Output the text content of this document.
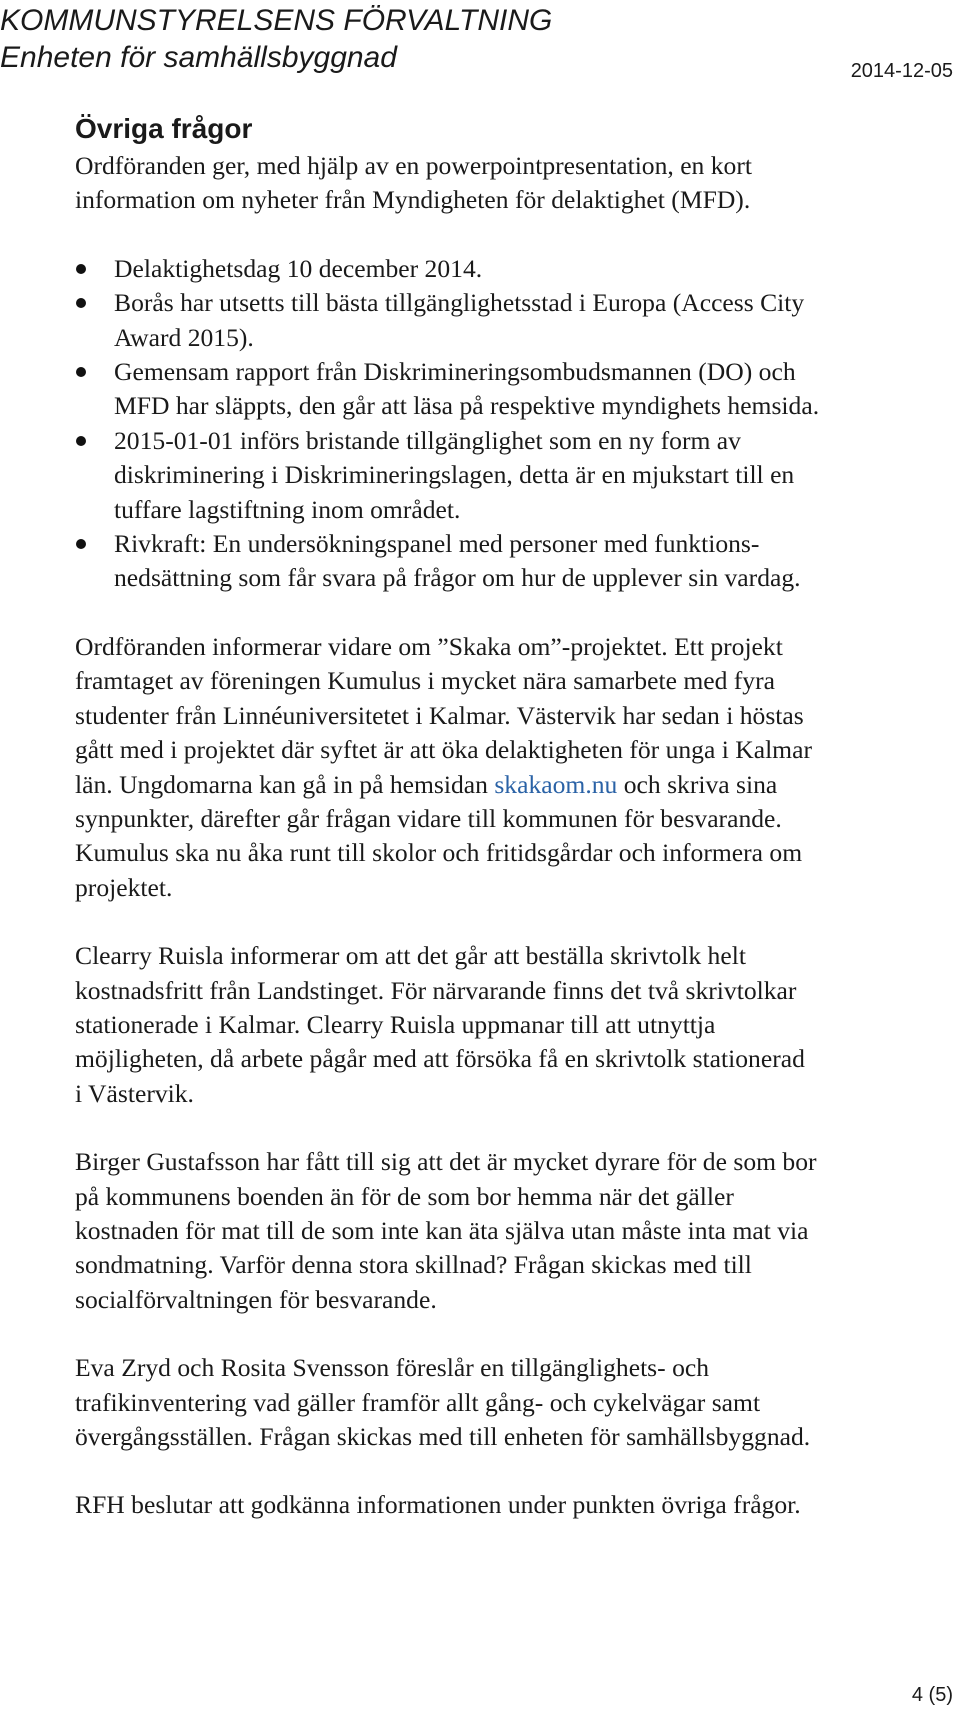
KOMMUNSTYRELSENS FÖRVALTNING
Enheten för samhällsbyggnad	2014-12-05
Övriga frågor

Ordföranden ger, med hjälp av en powerpointpresentation, en kort

information om nyheter från Myndigheten för delaktighet (MFD).

Delaktighetsdag 10 december 2014.
Borås har utsetts till bästa tillgänglighetsstad i Europa (Access City
Award 2015).
Gemensam rapport från Diskrimineringsombudsmannen (DO) och
MFD har släppts, den går att läsa på respektive myndighets hemsida.
2015-01-01 införs bristande tillgänglighet som en ny form av
diskriminering i Diskrimineringslagen, detta är en mjukstart till en
tuffare lagstiftning inom området.
Rivkraft: En undersökningspanel med personer med funktions-
nedsättning som får svara på frågor om hur de upplever sin vardag.

Ordföranden informerar vidare om ”Skaka om”-projektet. Ett projekt

framtaget av föreningen Kumulus i mycket nära samarbete med fyra

studenter från Linnéuniversitetet i Kalmar. Västervik har sedan i höstas

gått med i projektet där syftet är att öka delaktigheten för unga i Kalmar

län. Ungdomarna kan gå in på hemsidan skakaom.nu och skriva sina

synpunkter, därefter går frågan vidare till kommunen för besvarande.

Kumulus ska nu åka runt till skolor och fritidsgårdar och informera om

projektet.

Clearry Ruisla informerar om att det går att beställa skrivtolk helt

kostnadsfritt från Landstinget. För närvarande finns det två skrivtolkar

stationerade i Kalmar. Clearry Ruisla uppmanar till att utnyttja

möjligheten, då arbete pågår med att försöka få en skrivtolk stationerad

i Västervik.

Birger Gustafsson har fått till sig att det är mycket dyrare för de som bor

på kommunens boenden än för de som bor hemma när det gäller

kostnaden för mat till de som inte kan äta själva utan måste inta mat via

sondmatning. Varför denna stora skillnad? Frågan skickas med till

socialförvaltningen för besvarande.

Eva Zryd och Rosita Svensson föreslår en tillgänglighets- och

trafikinventering vad gäller framför allt gång- och cykelvägar samt

övergångsställen. Frågan skickas med till enheten för samhällsbyggnad.

RFH beslutar att godkänna informationen under punkten övriga frågor.

4 (5)
